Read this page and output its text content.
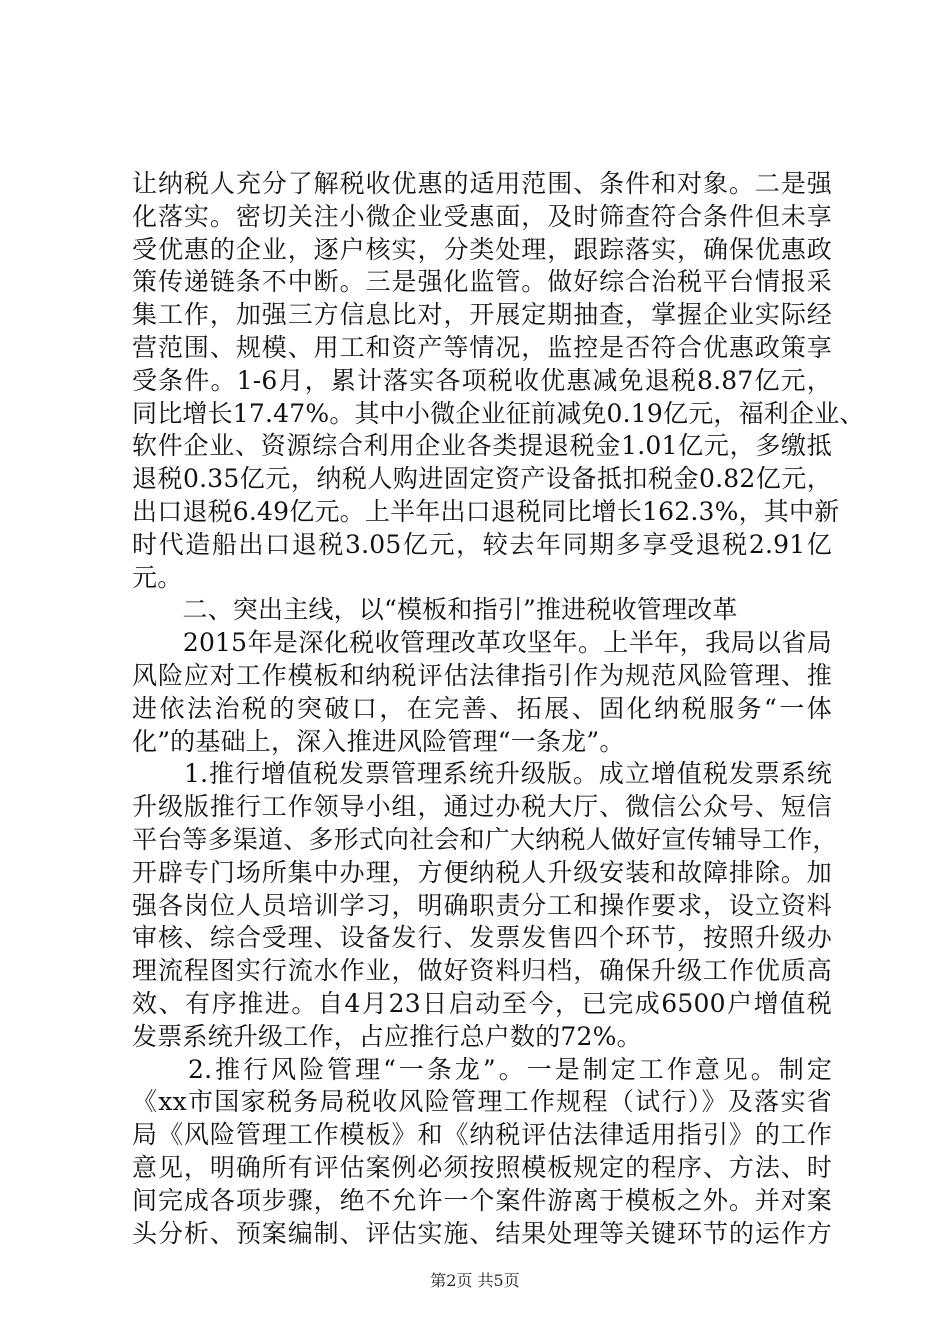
让纳税人充分了解税收优惠的适用范围、条件和对象。二是强
化落实。密切关注小微企业受惠面，及时筛查符合条件但未享
受优惠的企业，逐户核实，分类处理，跟踪落实，确保优惠政
策传递链条不中断。三是强化监管。做好综合治税平台情报采
集工作，加强三方信息比对，开展定期抽查，掌握企业实际经
营范围、规模、用工和资产等情况，监控是否符合优惠政策享
受条件。1-6月，累计落实各项税收优惠减免退税8.87亿元，
同比增长17.47%。其中小微企业征前减免0.19亿元，福利企业、
软件企业、资源综合利用企业各类提退税金1.01亿元，多缴抵
退税0.35亿元，纳税人购进固定资产设备抵扣税金0.82亿元，
出口退税6.49亿元。上半年出口退税同比增长162.3%，其中新
时代造船出口退税3.05亿元，较去年同期多享受退税2.91亿
元。
　　二、突出主线，以“模板和指引”推进税收管理改革
　　2015年是深化税收管理改革攻坚年。上半年，我局以省局
风险应对工作模板和纳税评估法律指引作为规范风险管理、推
进依法治税的突破口，在完善、拓展、固化纳税服务“一体
化”的基础上，深入推进风险管理“一条龙”。
　　1.推行增值税发票管理系统升级版。成立增值税发票系统
升级版推行工作领导小组，通过办税大厅、微信公众号、短信
平台等多渠道、多形式向社会和广大纳税人做好宣传辅导工作，
开辟专门场所集中办理，方便纳税人升级安装和故障排除。加
强各岗位人员培训学习，明确职责分工和操作要求，设立资料
审核、综合受理、设备发行、发票发售四个环节，按照升级办
理流程图实行流水作业，做好资料归档，确保升级工作优质高
效、有序推进。自4月23日启动至今，已完成6500户增值税
发票系统升级工作，占应推行总户数的72%。
　　2.推行风险管理“一条龙”。一是制定工作意见。制定
《xx市国家税务局税收风险管理工作规程（试行）》及落实省
局《风险管理工作模板》和《纳税评估法律适用指引》的工作
意见，明确所有评估案例必须按照模板规定的程序、方法、时
间完成各项步骤，绝不允许一个案件游离于模板之外。并对案
头分析、预案编制、评估实施、结果处理等关键环节的运作方
第2页 共5页
